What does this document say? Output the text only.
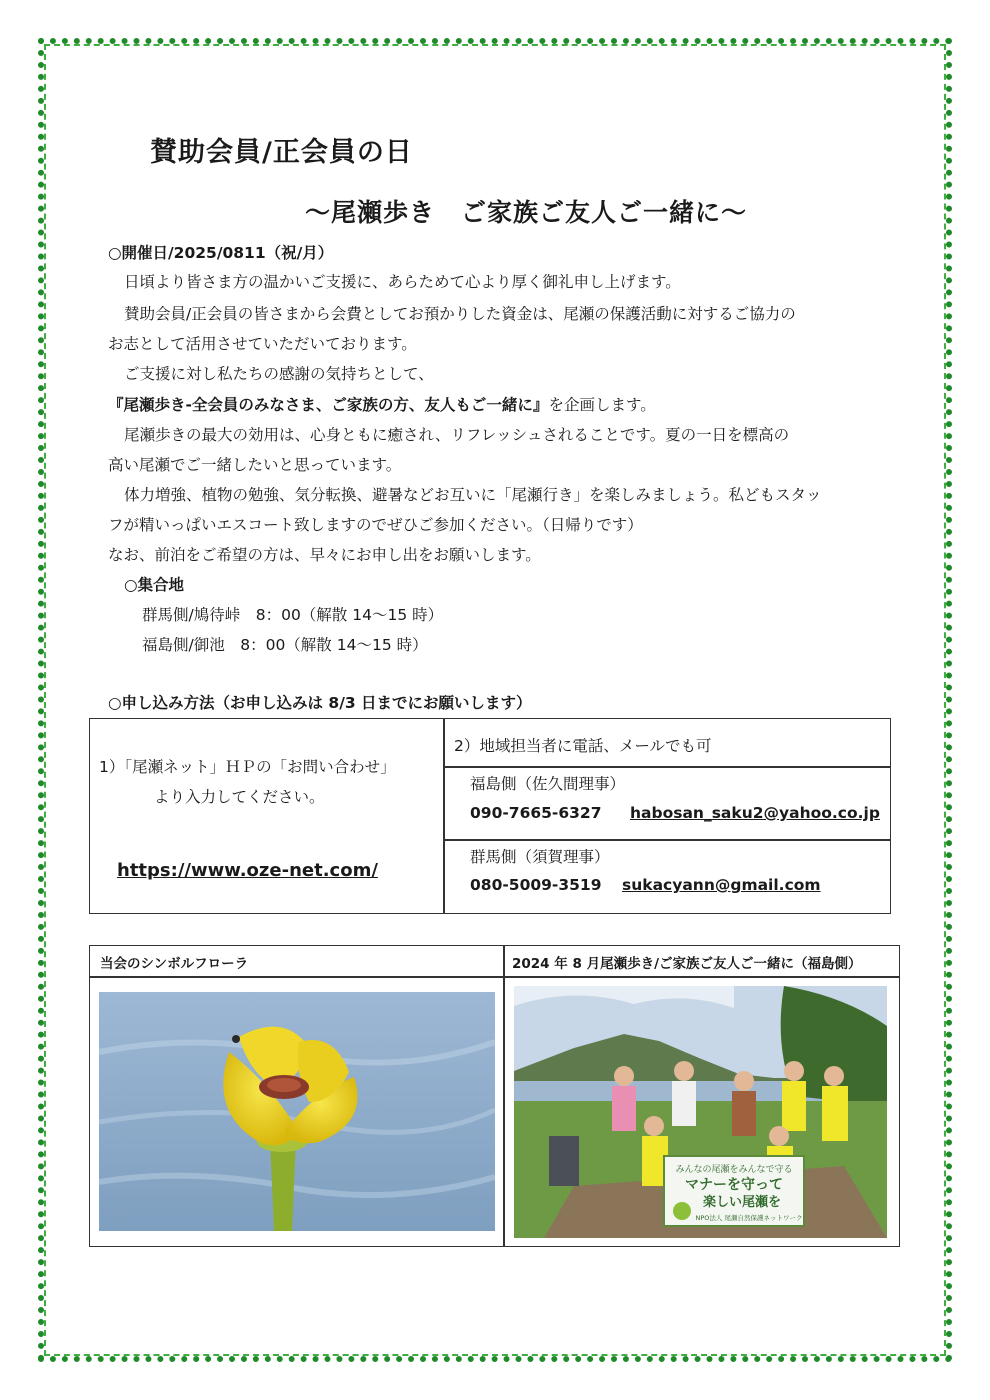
賛助会員/正会員の日
〜尾瀬歩き　ご家族ご友人ご一緒に〜
○開催日/2025/0811（祝/月）
日頃より皆さま方の温かいご支援に、あらためて心より厚く御礼申し上げます。
賛助会員/正会員の皆さまから会費としてお預かりした資金は、尾瀬の保護活動に対するご協力の
お志として活用させていただいております。
ご支援に対し私たちの感謝の気持ちとして、
『尾瀬歩き-全会員のみなさま、ご家族の方、友人もご一緒に』を企画します。
尾瀬歩きの最大の効用は、心身ともに癒され、リフレッシュされることです。夏の一日を標高の
高い尾瀬でご一緒したいと思っています。
体力増強、植物の勉強、気分転換、避暑などお互いに「尾瀬行き」を楽しみましょう。私どもスタッ
フが精いっぱいエスコート致しますのでぜひご参加ください。（日帰りです）
なお、前泊をご希望の方は、早々にお申し出をお願いします。
○集合地
群馬側/鳩待峠　8：00（解散 14〜15 時）
福島側/御池　8：00（解散 14〜15 時）
○申し込み方法（お申し込みは 8/3 日までにお願いします）
1）「尾瀬ネット」ＨＰの「お問い合わせ」
より入力してください。
https://www.oze-net.com/
2）地域担当者に電話、メールでも可
福島側（佐久間理事）
090-7665-6327 habosan_saku2@yahoo.co.jp
群馬側（須賀理事）
080-5009-3519 sukacyann@gmail.com
当会のシンボルフローラ	2024 年 8 月尾瀬歩き/ご家族ご友人ご一緒に（福島側）
みんなの尾瀬をみんなで守る
マナーを守って
楽しい尾瀬を
NPO法人 尾瀬自然保護ネットワーク
